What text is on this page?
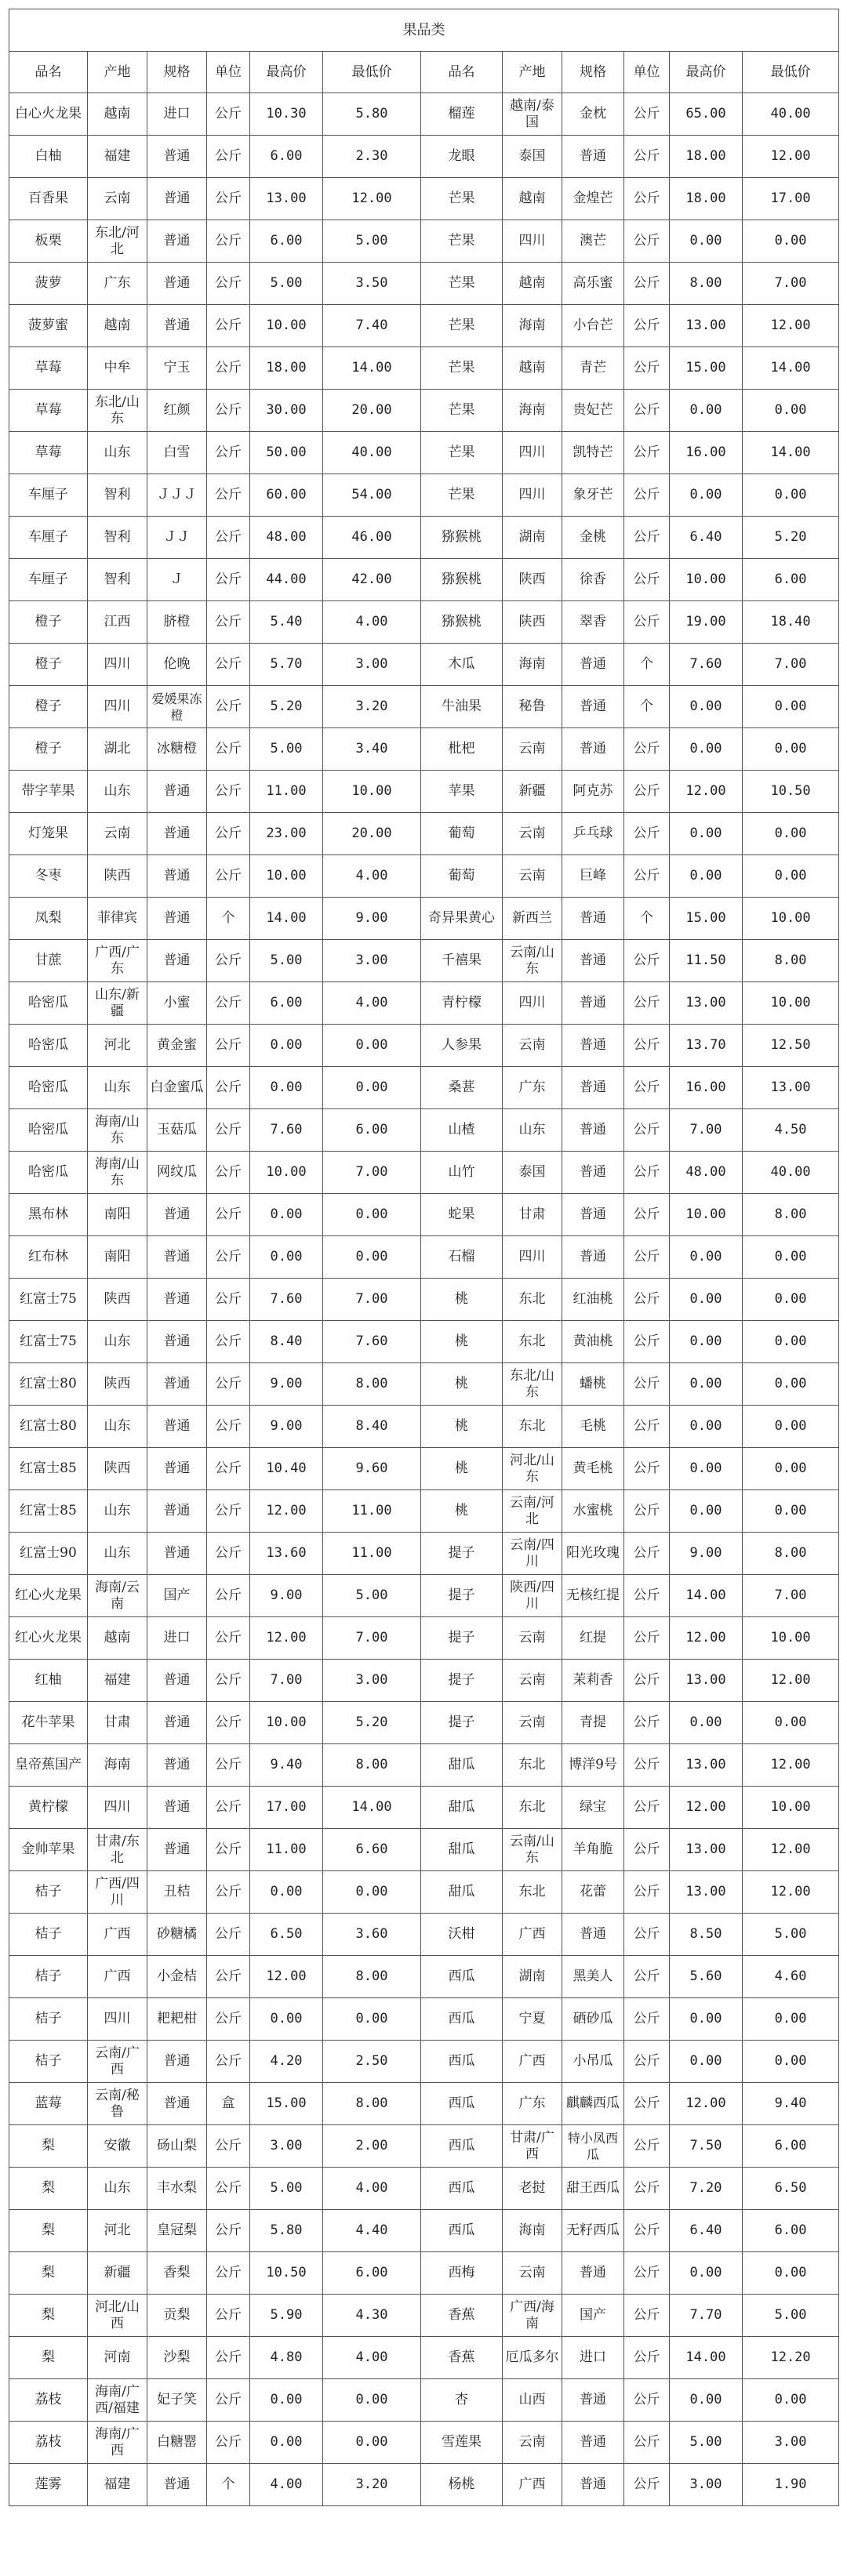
果品类											
品名	产地	规格	单位	最高价	最低价	品名	产地	规格	单位	最高价	最低价
白心火龙果	越南	进口	公斤	10.30	5.80	榴莲	越南/泰国	金枕	公斤	65.00	40.00
白柚	福建	普通	公斤	6.00	2.30	龙眼	泰国	普通	公斤	18.00	12.00
百香果	云南	普通	公斤	13.00	12.00	芒果	越南	金煌芒	公斤	18.00	17.00
板栗	东北/河北	普通	公斤	6.00	5.00	芒果	四川	澳芒	公斤	0.00	0.00
菠萝	广东	普通	公斤	5.00	3.50	芒果	越南	高乐蜜	公斤	8.00	7.00
菠萝蜜	越南	普通	公斤	10.00	7.40	芒果	海南	小台芒	公斤	13.00	12.00
草莓	中牟	宁玉	公斤	18.00	14.00	芒果	越南	青芒	公斤	15.00	14.00
草莓	东北/山东	红颜	公斤	30.00	20.00	芒果	海南	贵妃芒	公斤	0.00	0.00
草莓	山东	白雪	公斤	50.00	40.00	芒果	四川	凯特芒	公斤	16.00	14.00
车厘子	智利	ＪＪＪ	公斤	60.00	54.00	芒果	四川	象牙芒	公斤	0.00	0.00
车厘子	智利	ＪＪ	公斤	48.00	46.00	猕猴桃	湖南	金桃	公斤	6.40	5.20
车厘子	智利	Ｊ	公斤	44.00	42.00	猕猴桃	陕西	徐香	公斤	10.00	6.00
橙子	江西	脐橙	公斤	5.40	4.00	猕猴桃	陕西	翠香	公斤	19.00	18.40
橙子	四川	伦晚	公斤	5.70	3.00	木瓜	海南	普通	个	7.60	7.00
橙子	四川	爱媛果冻橙	公斤	5.20	3.20	牛油果	秘鲁	普通	个	0.00	0.00
橙子	湖北	冰糖橙	公斤	5.00	3.40	枇杷	云南	普通	公斤	0.00	0.00
带字苹果	山东	普通	公斤	11.00	10.00	苹果	新疆	阿克苏	公斤	12.00	10.50
灯笼果	云南	普通	公斤	23.00	20.00	葡萄	云南	乒乓球	公斤	0.00	0.00
冬枣	陕西	普通	公斤	10.00	4.00	葡萄	云南	巨峰	公斤	0.00	0.00
凤梨	菲律宾	普通	个	14.00	9.00	奇异果黄心	新西兰	普通	个	15.00	10.00
甘蔗	广西/广东	普通	公斤	5.00	3.00	千禧果	云南/山东	普通	公斤	11.50	8.00
哈密瓜	山东/新疆	小蜜	公斤	6.00	4.00	青柠檬	四川	普通	公斤	13.00	10.00
哈密瓜	河北	黄金蜜	公斤	0.00	0.00	人参果	云南	普通	公斤	13.70	12.50
哈密瓜	山东	白金蜜瓜	公斤	0.00	0.00	桑葚	广东	普通	公斤	16.00	13.00
哈密瓜	海南/山东	玉菇瓜	公斤	7.60	6.00	山楂	山东	普通	公斤	7.00	4.50
哈密瓜	海南/山东	网纹瓜	公斤	10.00	7.00	山竹	泰国	普通	公斤	48.00	40.00
黑布林	南阳	普通	公斤	0.00	0.00	蛇果	甘肃	普通	公斤	10.00	8.00
红布林	南阳	普通	公斤	0.00	0.00	石榴	四川	普通	公斤	0.00	0.00
红富士75	陕西	普通	公斤	7.60	7.00	桃	东北	红油桃	公斤	0.00	0.00
红富士75	山东	普通	公斤	8.40	7.60	桃	东北	黄油桃	公斤	0.00	0.00
红富士80	陕西	普通	公斤	9.00	8.00	桃	东北/山东	蟠桃	公斤	0.00	0.00
红富士80	山东	普通	公斤	9.00	8.40	桃	东北	毛桃	公斤	0.00	0.00
红富士85	陕西	普通	公斤	10.40	9.60	桃	河北/山东	黄毛桃	公斤	0.00	0.00
红富士85	山东	普通	公斤	12.00	11.00	桃	云南/河北	水蜜桃	公斤	0.00	0.00
红富士90	山东	普通	公斤	13.60	11.00	提子	云南/四川	阳光玫瑰	公斤	9.00	8.00
红心火龙果	海南/云南	国产	公斤	9.00	5.00	提子	陕西/四川	无核红提	公斤	14.00	7.00
红心火龙果	越南	进口	公斤	12.00	7.00	提子	云南	红提	公斤	12.00	10.00
红柚	福建	普通	公斤	7.00	3.00	提子	云南	茉莉香	公斤	13.00	12.00
花牛苹果	甘肃	普通	公斤	10.00	5.20	提子	云南	青提	公斤	0.00	0.00
皇帝蕉国产	海南	普通	公斤	9.40	8.00	甜瓜	东北	博洋9号	公斤	13.00	12.00
黄柠檬	四川	普通	公斤	17.00	14.00	甜瓜	东北	绿宝	公斤	12.00	10.00
金帅苹果	甘肃/东北	普通	公斤	11.00	6.60	甜瓜	云南/山东	羊角脆	公斤	13.00	12.00
桔子	广西/四川	丑桔	公斤	0.00	0.00	甜瓜	东北	花蕾	公斤	13.00	12.00
桔子	广西	砂糖橘	公斤	6.50	3.60	沃柑	广西	普通	公斤	8.50	5.00
桔子	广西	小金桔	公斤	12.00	8.00	西瓜	湖南	黑美人	公斤	5.60	4.60
桔子	四川	耙耙柑	公斤	0.00	0.00	西瓜	宁夏	硒砂瓜	公斤	0.00	0.00
桔子	云南/广西	普通	公斤	4.20	2.50	西瓜	广西	小吊瓜	公斤	0.00	0.00
蓝莓	云南/秘鲁	普通	盒	15.00	8.00	西瓜	广东	麒麟西瓜	公斤	12.00	9.40
梨	安徽	砀山梨	公斤	3.00	2.00	西瓜	甘肃/广西	特小凤西瓜	公斤	7.50	6.00
梨	山东	丰水梨	公斤	5.00	4.00	西瓜	老挝	甜王西瓜	公斤	7.20	6.50
梨	河北	皇冠梨	公斤	5.80	4.40	西瓜	海南	无籽西瓜	公斤	6.40	6.00
梨	新疆	香梨	公斤	10.50	6.00	西梅	云南	普通	公斤	0.00	0.00
梨	河北/山西	贡梨	公斤	5.90	4.30	香蕉	广西/海南	国产	公斤	7.70	5.00
梨	河南	沙梨	公斤	4.80	4.00	香蕉	厄瓜多尔	进口	公斤	14.00	12.20
荔枝	海南/广西/福建	妃子笑	公斤	0.00	0.00	杏	山西	普通	公斤	0.00	0.00
荔枝	海南/广西	白糖罂	公斤	0.00	0.00	雪莲果	云南	普通	公斤	5.00	3.00
莲雾	福建	普通	个	4.00	3.20	杨桃	广西	普通	公斤	3.00	1.90
